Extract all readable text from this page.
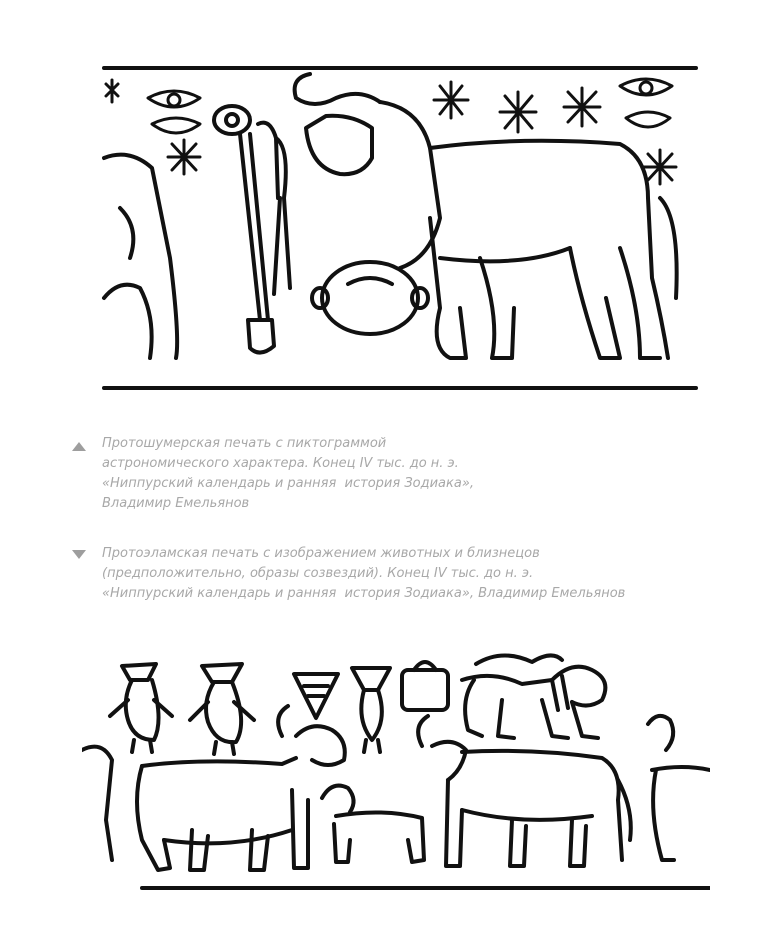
Протошумерская печать с пиктограммой
астрономического характера. Конец IV тыс. до н. э.
«Ниппурский календарь и ранняя  история Зодиака»,
Владимир Емельянов
Протоэламская печать с изображением животных и близнецов
(предположительно, образы созвездий). Конец IV тыс. до н. э.
«Ниппурский календарь и ранняя  история Зодиака», Владимир Емельянов
